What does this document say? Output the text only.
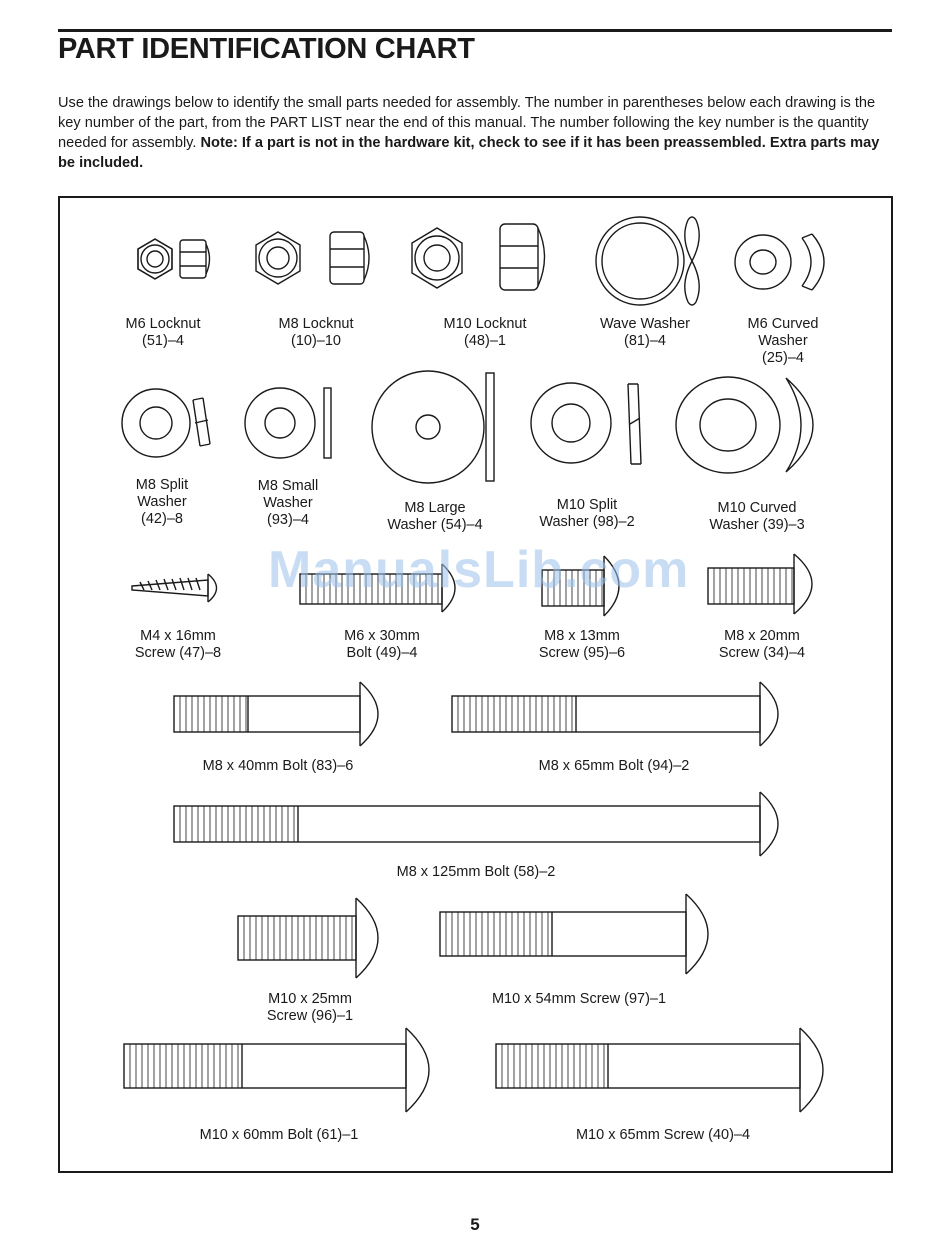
PART IDENTIFICATION CHART

Use the drawings below to identify the small parts needed for assembly. The number in parentheses below each drawing is the key number of the part, from the PART LIST near the end of this manual. The number following the key number is the quantity needed for assembly. Note: If a part is not in the hardware kit, check to see if it has been preassembled. Extra parts may be included.

M6 Locknut
(51)–4
M8 Locknut
(10)–10
M10 Locknut
(48)–1
Wave Washer
(81)–4
M6 Curved
Washer
(25)–4
M8 Split
Washer
(42)–8
M8 Small
Washer
(93)–4
M8 Large
Washer (54)–4
M10 Split
Washer (98)–2
M10 Curved
Washer (39)–3
M4 x 16mm
Screw (47)–8
M6 x 30mm
Bolt (49)–4
M8 x 13mm
Screw (95)–6
M8 x 20mm
Screw (34)–4
M8 x 40mm Bolt (83)–6	M8 x 65mm Bolt (94)–2
M8 x 125mm Bolt (58)–2
M10 x 25mm
Screw (96)–1
M10 x 54mm Screw (97)–1
M10 x 60mm Bolt (61)–1	M10 x 65mm Screw (40)–4
ManualsLib.com
5
